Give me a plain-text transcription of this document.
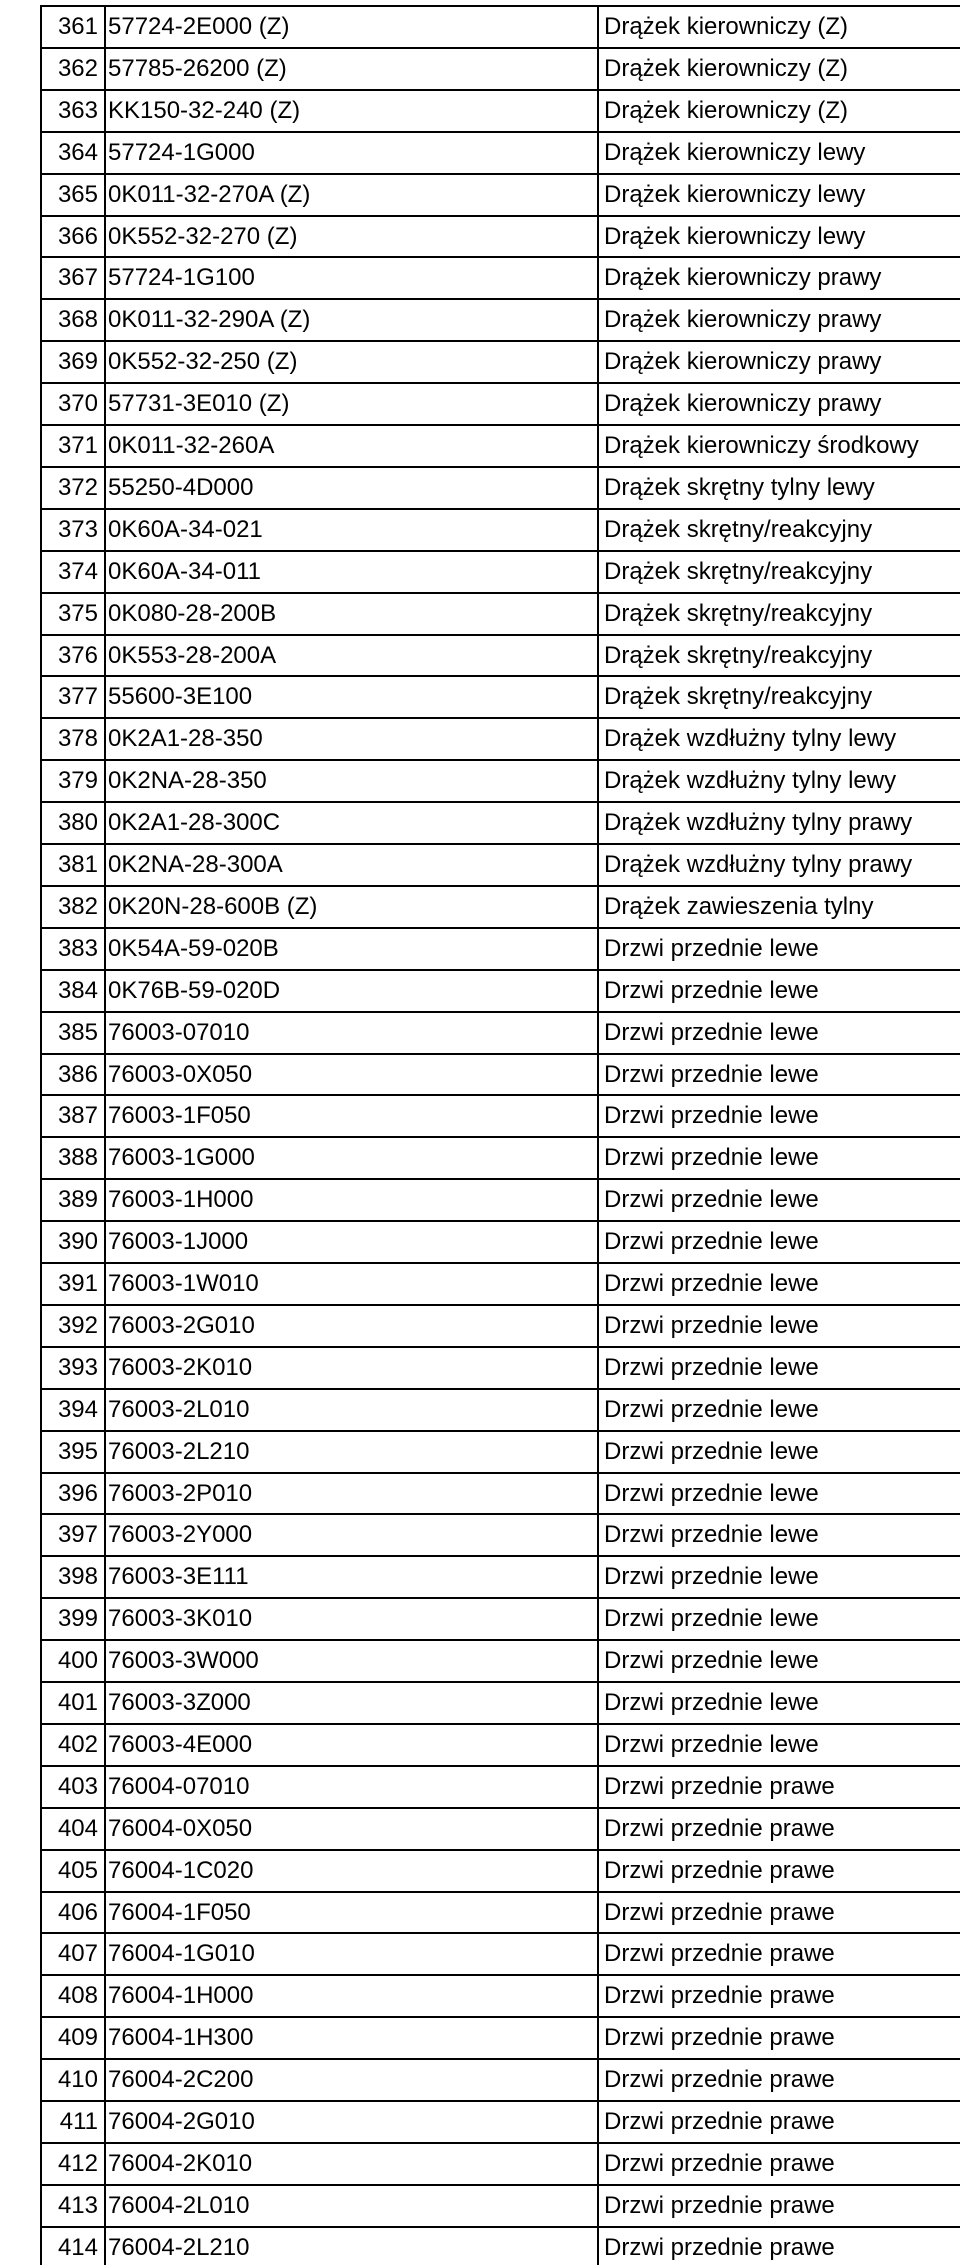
361 57724-2E000 (Z)	Drążek kierowniczy (Z)
362 57785-26200 (Z)	Drążek kierowniczy (Z)
363 KK150-32-240 (Z)	Drążek kierowniczy (Z)
364 57724-1G000	Drążek kierowniczy lewy
365 0K011-32-270A (Z)	Drążek kierowniczy lewy
366 0K552-32-270 (Z)	Drążek kierowniczy lewy
367 57724-1G100	Drążek kierowniczy prawy
368 0K011-32-290A (Z)	Drążek kierowniczy prawy
369 0K552-32-250 (Z)	Drążek kierowniczy prawy
370 57731-3E010 (Z)	Drążek kierowniczy prawy
371 0K011-32-260A	Drążek kierowniczy środkowy
372 55250-4D000	Drążek skrętny tylny lewy
373 0K60A-34-021	Drążek skrętny/reakcyjny
374 0K60A-34-011	Drążek skrętny/reakcyjny
375 0K080-28-200B	Drążek skrętny/reakcyjny
376 0K553-28-200A	Drążek skrętny/reakcyjny
377 55600-3E100	Drążek skrętny/reakcyjny
378 0K2A1-28-350	Drążek wzdłużny tylny lewy
379 0K2NA-28-350	Drążek wzdłużny tylny lewy
380 0K2A1-28-300C	Drążek wzdłużny tylny prawy
381 0K2NA-28-300A	Drążek wzdłużny tylny prawy
382 0K20N-28-600B (Z)	Drążek zawieszenia tylny
383 0K54A-59-020B	Drzwi przednie lewe
384 0K76B-59-020D	Drzwi przednie lewe
385 76003-07010	Drzwi przednie lewe
386 76003-0X050	Drzwi przednie lewe
387 76003-1F050	Drzwi przednie lewe
388 76003-1G000	Drzwi przednie lewe
389 76003-1H000	Drzwi przednie lewe
390 76003-1J000	Drzwi przednie lewe
391 76003-1W010	Drzwi przednie lewe
392 76003-2G010	Drzwi przednie lewe
393 76003-2K010	Drzwi przednie lewe
394 76003-2L010	Drzwi przednie lewe
395 76003-2L210	Drzwi przednie lewe
396 76003-2P010	Drzwi przednie lewe
397 76003-2Y000	Drzwi przednie lewe
398 76003-3E111	Drzwi przednie lewe
399 76003-3K010	Drzwi przednie lewe
400 76003-3W000	Drzwi przednie lewe
401 76003-3Z000	Drzwi przednie lewe
402 76003-4E000	Drzwi przednie lewe
403 76004-07010	Drzwi przednie prawe
404 76004-0X050	Drzwi przednie prawe
405 76004-1C020	Drzwi przednie prawe
406 76004-1F050	Drzwi przednie prawe
407 76004-1G010	Drzwi przednie prawe
408 76004-1H000	Drzwi przednie prawe
409 76004-1H300	Drzwi przednie prawe
410 76004-2C200	Drzwi przednie prawe
411 76004-2G010	Drzwi przednie prawe
412 76004-2K010	Drzwi przednie prawe
413 76004-2L010	Drzwi przednie prawe
414 76004-2L210	Drzwi przednie prawe
